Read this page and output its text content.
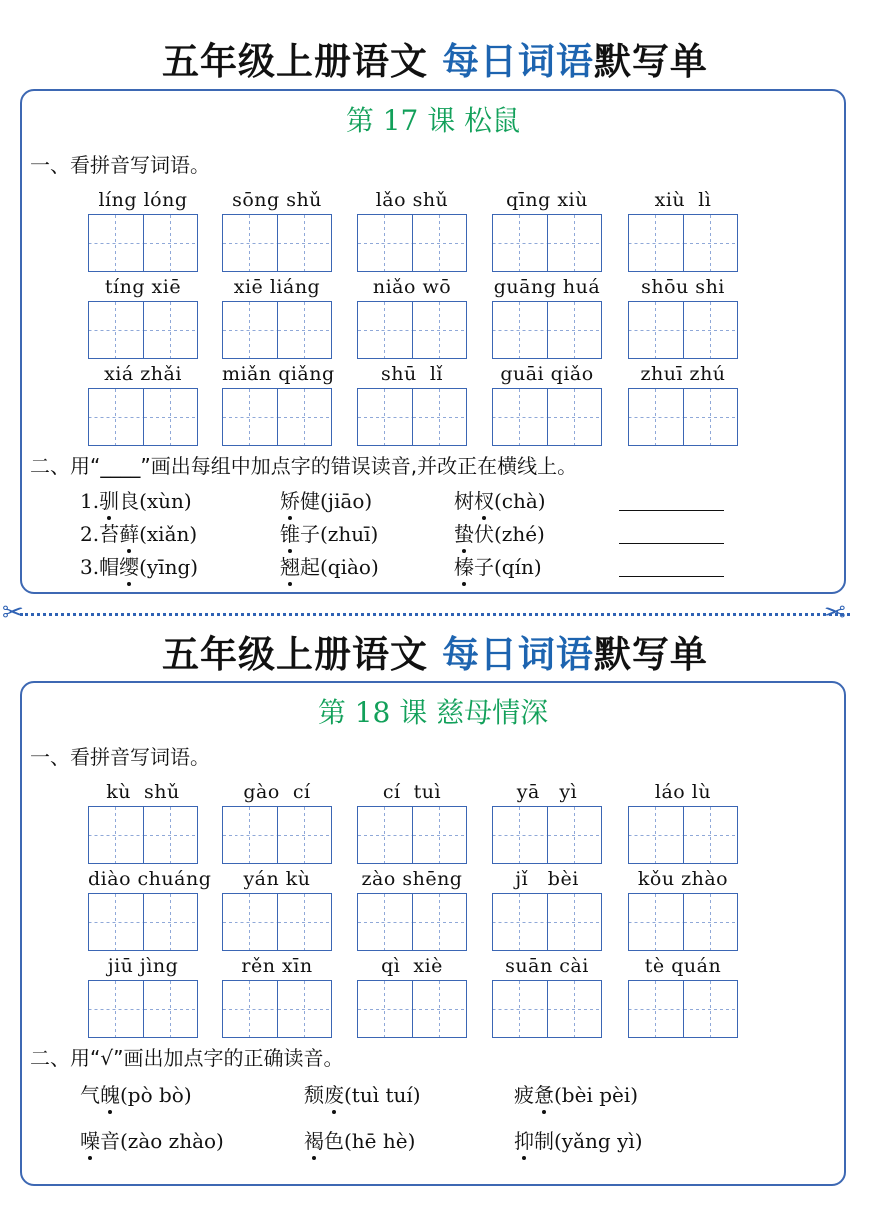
五年级上册语文 每日词语默写单
第 17 课 松鼠
一、看拼音写词语。
二、用“____”画出每组中加点字的错误读音,并改正在横线上。
líng lóng	sōng shǔ	lǎo shǔ	qīng xiù	xiù  lì
tíng xiē	xiē liáng	niǎo wō	guāng huá	shōu shi
xiá zhǎi	miǎn qiǎng	shū  lǐ	guāi qiǎo	zhuī zhú
1.驯良(xùn)	矫健(jiāo)	树杈(chà)
2.苔藓(xiǎn)	锥子(zhuī)	蛰伏(zhé)
3.帽缨(yīng)	翘起(qiào)	榛子(qín)
✂	✂
五年级上册语文 每日词语默写单
第 18 课 慈母情深
一、看拼音写词语。
二、用“√”画出加点字的正确读音。
kù  shǔ	gào  cí	cí  tuì	yā   yì	láo lù
diào chuáng	yán kù	zào shēng	jǐ   bèi	kǒu zhào
jiū jìng	rěn xīn	qì  xiè	suān cài	tè quán
气魄(pò bò)	颓废(tuì tuí)	疲惫(bèi pèi)
噪音(zào zhào)	褐色(hē hè)	抑制(yǎng yì)
